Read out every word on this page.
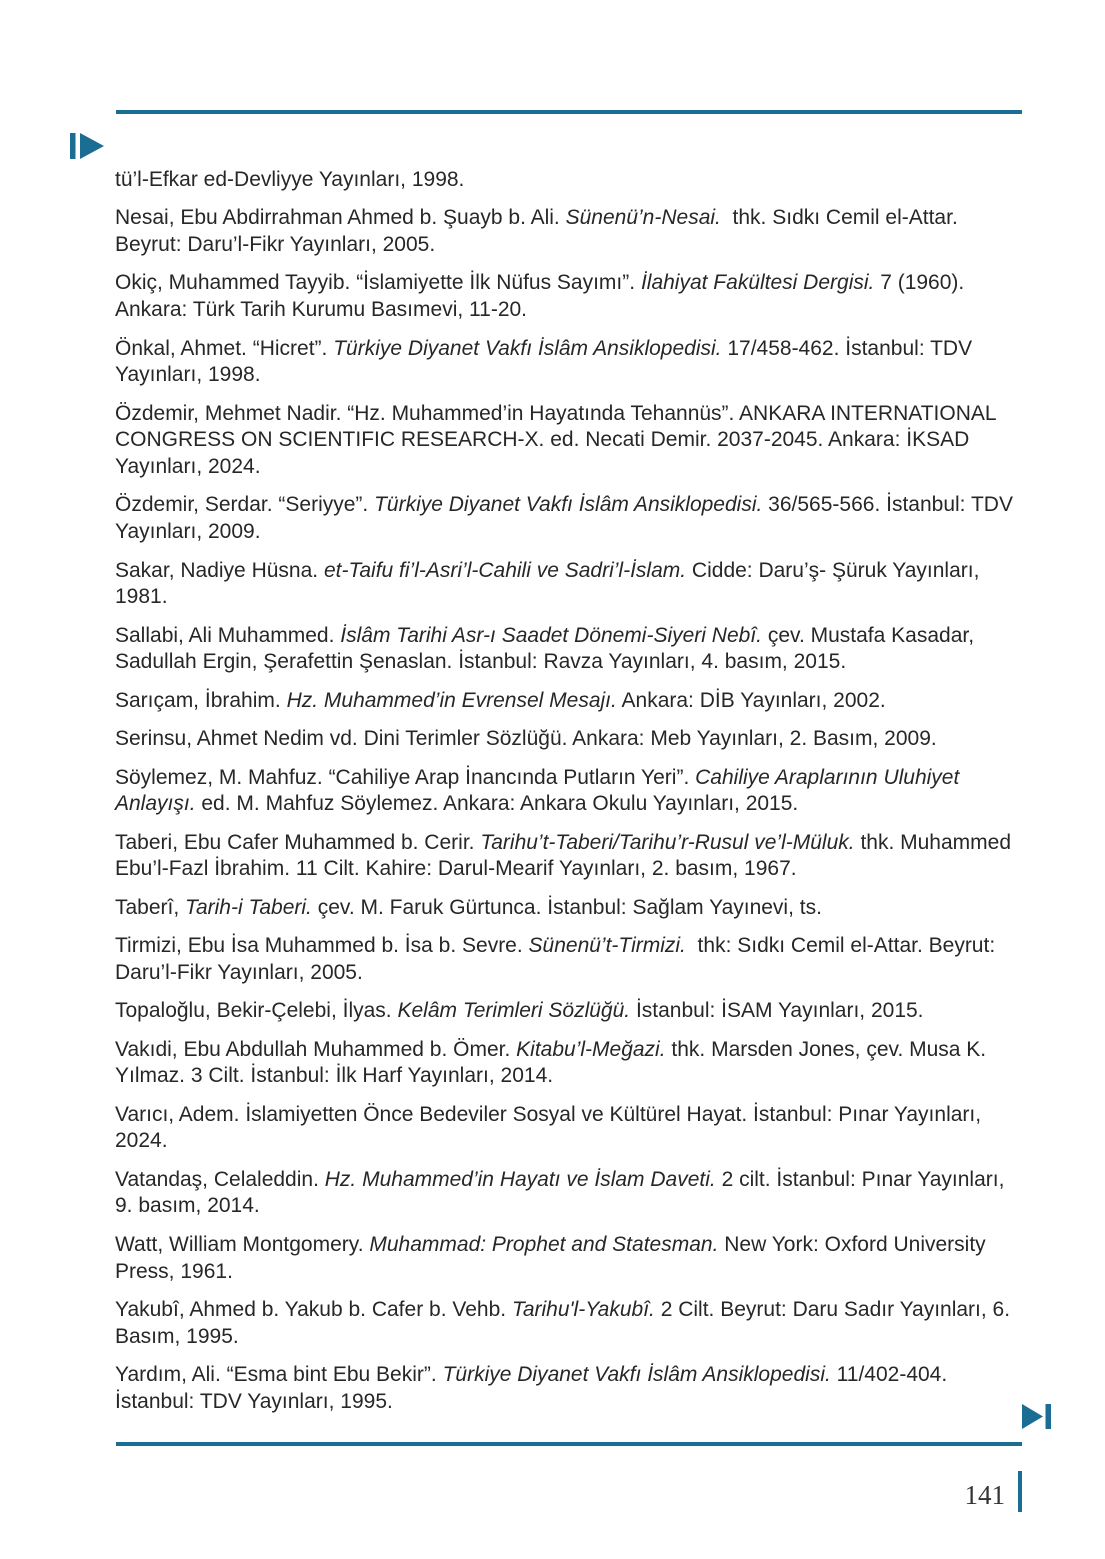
tü’l-Efkar ed-Devliyye Yayınları, 1998.

Nesai, Ebu Abdirrahman Ahmed b. Şuayb b. Ali. Sünenü’n-Nesai.  thk. Sıdkı Cemil el-Attar. Beyrut: Daru’l-Fikr Yayınları, 2005.

Okiç, Muhammed Tayyib. “İslamiyette İlk Nüfus Sayımı”. İlahiyat Fakültesi Dergisi. 7 (1960). Ankara: Türk Tarih Kurumu Basımevi, 11-20.

Önkal, Ahmet. “Hicret”. Türkiye Diyanet Vakfı İslâm Ansiklopedisi. 17/458-462. İstanbul: TDV Yayınları, 1998.

Özdemir, Mehmet Nadir. “Hz. Muhammed’in Hayatında Tehannüs”. ANKARA INTERNATIONAL CONGRESS ON SCIENTIFIC RESEARCH-X. ed. Necati Demir. 2037-2045. Ankara: İKSAD Yayınları, 2024.

Özdemir, Serdar. “Seriyye”. Türkiye Diyanet Vakfı İslâm Ansiklopedisi. 36/565-566. İstanbul: TDV Yayınları, 2009.

Sakar, Nadiye Hüsna. et-Taifu fi’l-Asri’l-Cahili ve Sadri’l-İslam. Cidde: Daru’ş- Şüruk Yayınları, 1981.

Sallabi, Ali Muhammed. İslâm Tarihi Asr-ı Saadet Dönemi-Siyeri Nebî. çev. Mustafa Kasadar, Sadullah Ergin, Şerafettin Şenaslan. İstanbul: Ravza Yayınları, 4. basım, 2015.

Sarıçam, İbrahim. Hz. Muhammed’in Evrensel Mesajı. Ankara: DİB Yayınları, 2002.

Serinsu, Ahmet Nedim vd. Dini Terimler Sözlüğü. Ankara: Meb Yayınları, 2. Basım, 2009.

Söylemez, M. Mahfuz. “Cahiliye Arap İnancında Putların Yeri”. Cahiliye Araplarının Uluhiyet Anlayışı. ed. M. Mahfuz Söylemez. Ankara: Ankara Okulu Yayınları, 2015.

Taberi, Ebu Cafer Muhammed b. Cerir. Tarihu’t-Taberi/Tarihu’r-Rusul ve’l-Müluk. thk. Muhammed Ebu’l-Fazl İbrahim. 11 Cilt. Kahire: Darul-Mearif Yayınları, 2. basım, 1967.

Taberî, Tarih-i Taberi. çev. M. Faruk Gürtunca. İstanbul: Sağlam Yayınevi, ts.

Tirmizi, Ebu İsa Muhammed b. İsa b. Sevre. Sünenü’t-Tirmizi.  thk: Sıdkı Cemil el-Attar. Beyrut: Daru’l-Fikr Yayınları, 2005.

Topaloğlu, Bekir-Çelebi, İlyas. Kelâm Terimleri Sözlüğü. İstanbul: İSAM Yayınları, 2015.

Vakıdi, Ebu Abdullah Muhammed b. Ömer. Kitabu’l-Meğazi. thk. Marsden Jones, çev. Musa K. Yılmaz. 3 Cilt. İstanbul: İlk Harf Yayınları, 2014.

Varıcı, Adem. İslamiyetten Önce Bedeviler Sosyal ve Kültürel Hayat. İstanbul: Pınar Yayınları, 2024.

Vatandaş, Celaleddin. Hz. Muhammed’in Hayatı ve İslam Daveti. 2 cilt. İstanbul: Pınar Yayınları, 9. basım, 2014.

Watt, William Montgomery. Muhammad: Prophet and Statesman. New York: Oxford University Press, 1961.

Yakubî, Ahmed b. Yakub b. Cafer b. Vehb. Tarihu'l-Yakubî. 2 Cilt. Beyrut: Daru Sadır Yayınları, 6. Basım, 1995.

Yardım, Ali. “Esma bint Ebu Bekir”. Türkiye Diyanet Vakfı İslâm Ansiklopedisi. 11/402-404. İstanbul: TDV Yayınları, 1995.

141
